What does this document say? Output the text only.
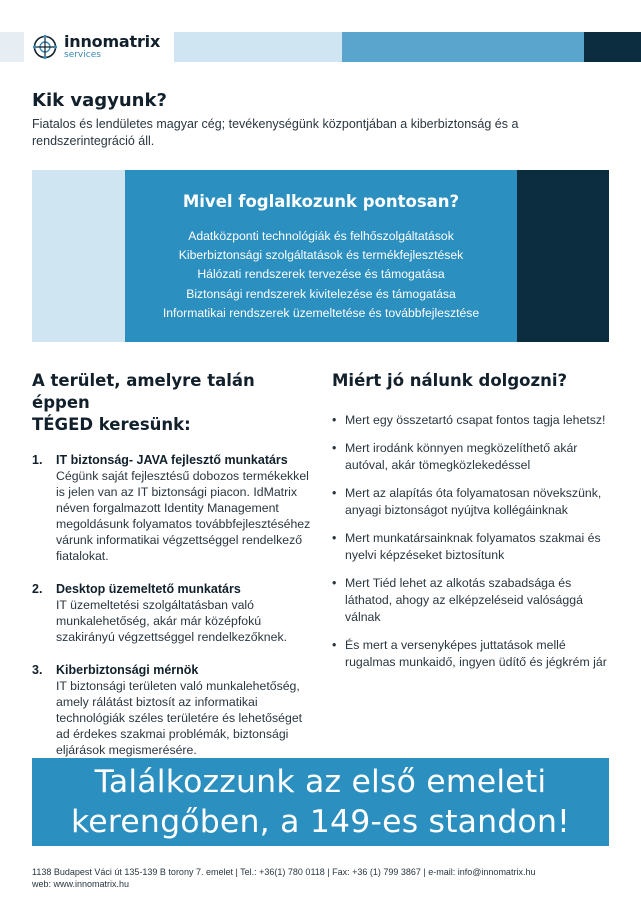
innomatrix
services
Kik vagyunk?

Fiatalos és lendületes magyar cég; tevékenységünk központjában a kiberbiztonság és a rendszerintegráció áll.

Mivel foglalkozunk pontosan?
Adatközponti technológiák és felhőszolgáltatások
Kiberbiztonsági szolgáltatások és termékfejlesztések
Hálózati rendszerek tervezése és támogatása
Biztonsági rendszerek kivitelezése és támogatása
Informatikai rendszerek üzemeltetése és továbbfejlesztése
A terület, amelyre talán éppen
TÉGED keresünk:
1.	IT biztonság- JAVA fejlesztő munkatárs
Cégünk saját fejlesztésű dobozos termékekkel is jelen van az IT biztonsági piacon. IdMatrix néven forgalmazott Identity Management megoldásunk folyamatos továbbfejlesztéséhez várunk informatikai végzettséggel rendelkező fiatalokat.
2.	Desktop üzemeltető munkatárs
IT üzemeltetési szolgáltatásban való munkalehetőség, akár már középfokú szakirányú végzettséggel rendelkezőknek.
3.	Kiberbiztonsági mérnök
IT biztonsági területen való munkalehetőség, amely rálátást biztosít az informatikai technológiák széles területére és lehetőséget ad érdekes szakmai problémák, biztonsági eljárások megismerésére.
Miért jó nálunk dolgozni?
• Mert egy összetartó csapat fontos tagja lehetsz!
• Mert irodánk könnyen megközelíthető akár autóval, akár tömegközlekedéssel
• Mert az alapítás óta folyamatosan növekszünk, anyagi biztonságot nyújtva kollégáinknak
• Mert munkatársainknak folyamatos szakmai és nyelvi képzéseket biztosítunk
• Mert Tiéd lehet az alkotás szabadsága és láthatod, ahogy az elképzeléseid valósággá válnak
• És mert a versenyképes juttatások mellé rugalmas munkaidő, ingyen üdítő és jégkrém jár
Találkozzunk az első emeleti
kerengőben, a 149-es standon!
1138 Budapest Váci út 135-139 B torony 7. emelet | Tel.: +36(1) 780 0118 | Fax: +36 (1) 799 3867 | e-mail: info@innomatrix.hu
web: www.innomatrix.hu
